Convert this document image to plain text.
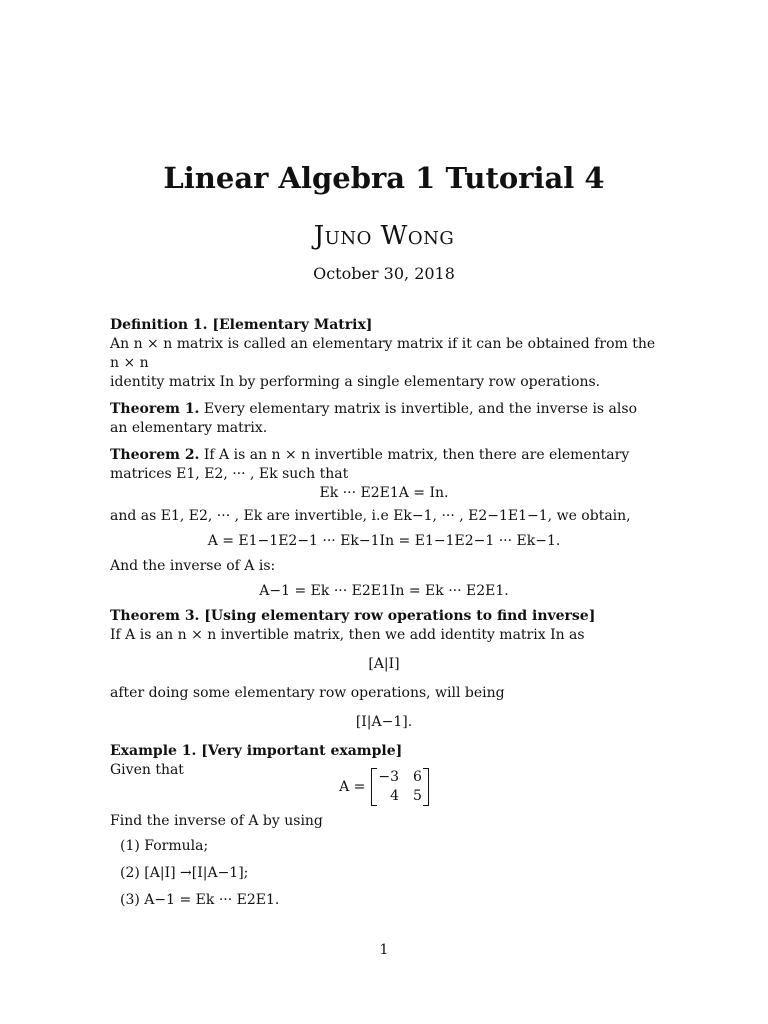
Linear Algebra 1 Tutorial 4
Juno Wong
October 30, 2018

Definition 1. [Elementary Matrix]

An n × n matrix is called an elementary matrix if it can be obtained from the n × n

identity matrix In by performing a single elementary row operations.

Theorem 1. Every elementary matrix is invertible, and the inverse is also an elementary matrix.

Theorem 2. If A is an n × n invertible matrix, then there are elementary matrices E1, E2, ··· , Ek such that

Ek ··· E2E1A = In.

and as E1, E2, ··· , Ek are invertible, i.e Ek−1, ··· , E2−1E1−1, we obtain,

A = E1−1E2−1 ··· Ek−1In = E1−1E2−1 ··· Ek−1.

And the inverse of A is:

A−1 = Ek ··· E2E1In = Ek ··· E2E1.

Theorem 3. [Using elementary row operations to find inverse]

If A is an n × n invertible matrix, then we add identity matrix In as

[A|I]

after doing some elementary row operations, will being

[I|A−1].

Example 1. [Very important example]

Given that

A =
−3 6
4 5

Find the inverse of A by using

(1) Formula;
(2) [A|I] →[I|A−1];
(3) A−1 = Ek ··· E2E1.
1
